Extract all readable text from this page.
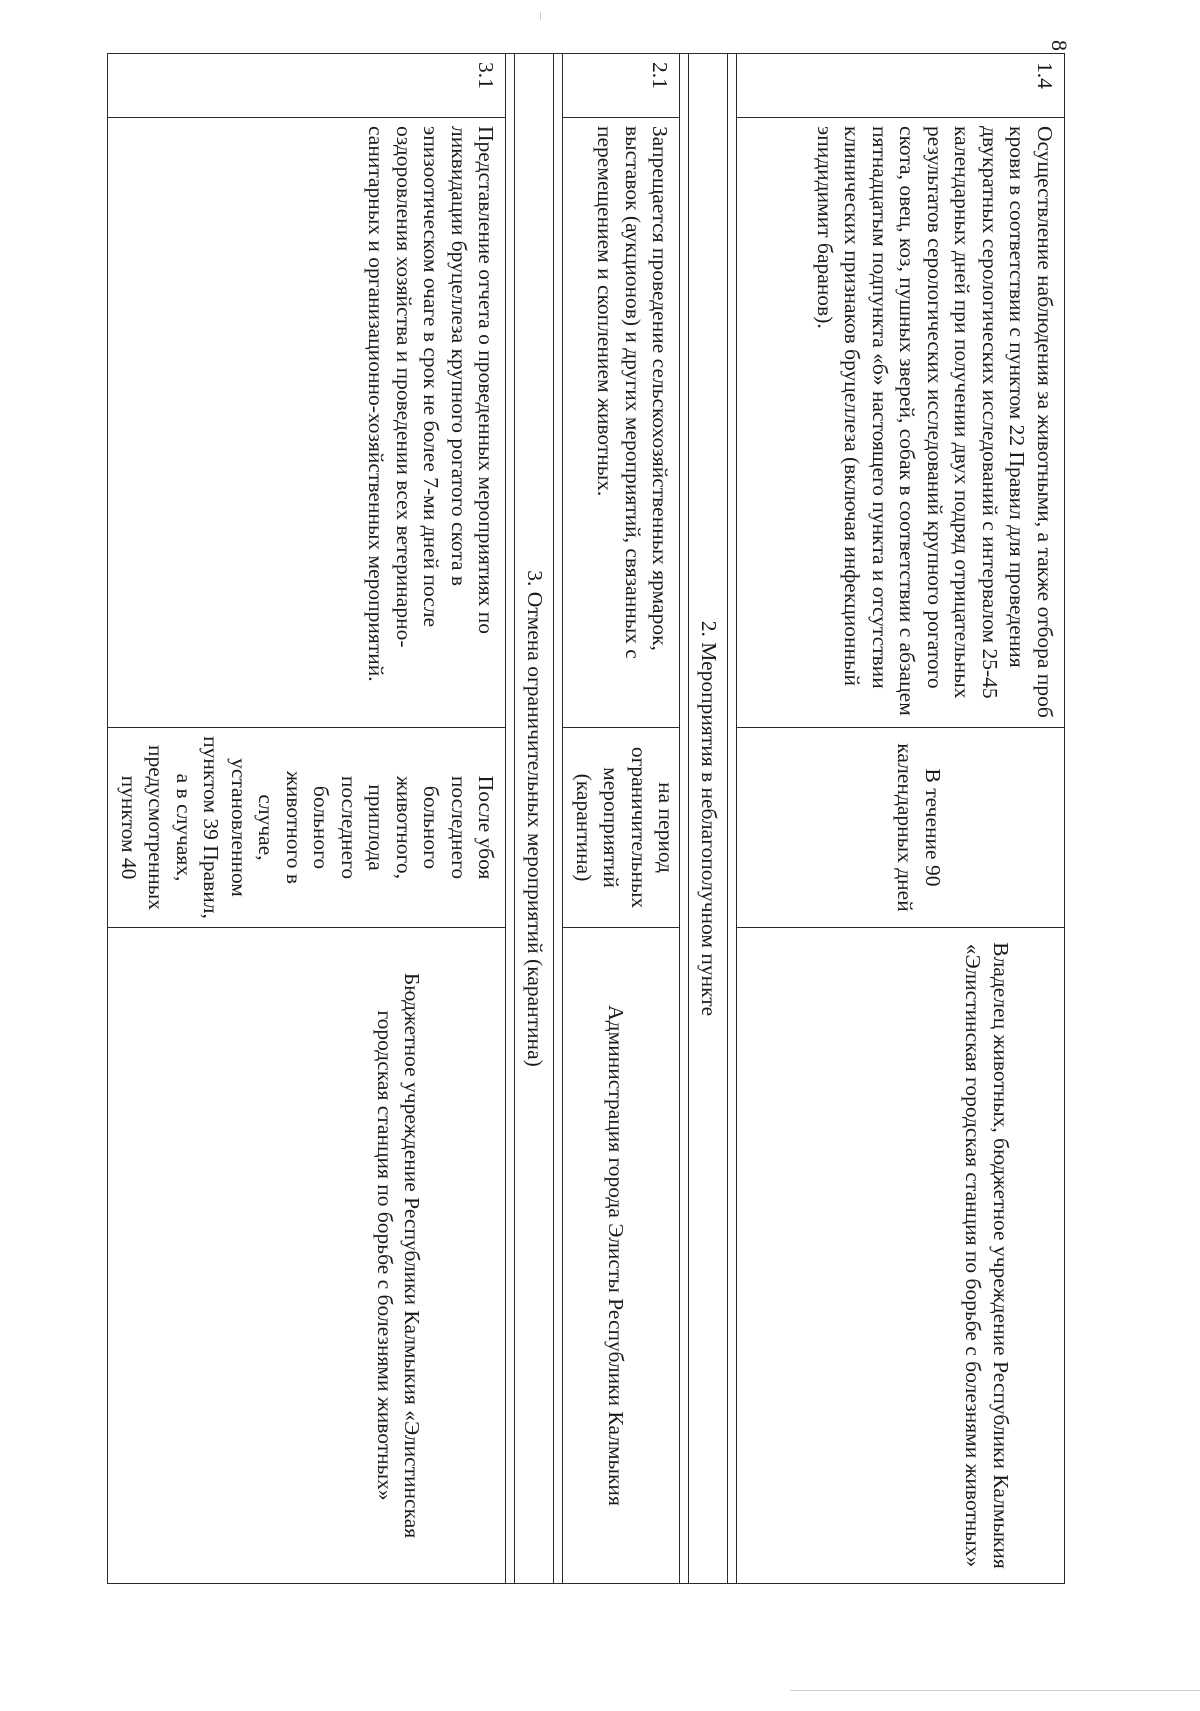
1.4	Осуществление наблюдения за животными, а также отбора проб крови в соответствии с пунктом 22 Правил для проведения двукратных серологических исследований с интервалом 25-45 календарных дней при получении двух подряд отрицательных результатов серологических исследований крупного рогатого скота, овец, коз, пушных зверей, собак в соответствии с абзацем пятнадцатым подпункта «б» настоящего пункта и отсутствии клинических признаков бруцеллеза (включая инфекционный эпидидимит баранов).	В течение 90 календарных дней	Владелец животных, бюджетное учреждение Республики Калмыкия «Элистинская городская станция по борьбе с болезнями животных»

2. Мероприятия в неблагополучном пункте			

2.1	Запрещается проведение сельскохозяйственных ярмарок, выставок (аукционов) и других мероприятий, связанных с перемещением и скоплением животных.	на период ограничительных мероприятий (карантина)	Администрация города Элисты Республики Калмыкия

3. Отмена ограничительных мероприятий (карантина)			

3.1	Представление отчета о проведенных мероприятиях по ликвидации бруцеллеза крупного рогатого скота в эпизоотическом очаге в срок не более 7-ми дней после оздоровления хозяйства и проведении всех ветеринарно-санитарных и организационно-хозяйственных мероприятий.	После убоя последнего больного животного, приплода последнего больного животного в случае, установленном пунктом 39 Правил, а в случаях, предусмотренных пунктом 40	Бюджетное учреждение Республики Калмыкия «Элистинская городская станция по борьбе с болезнями животных»
8
